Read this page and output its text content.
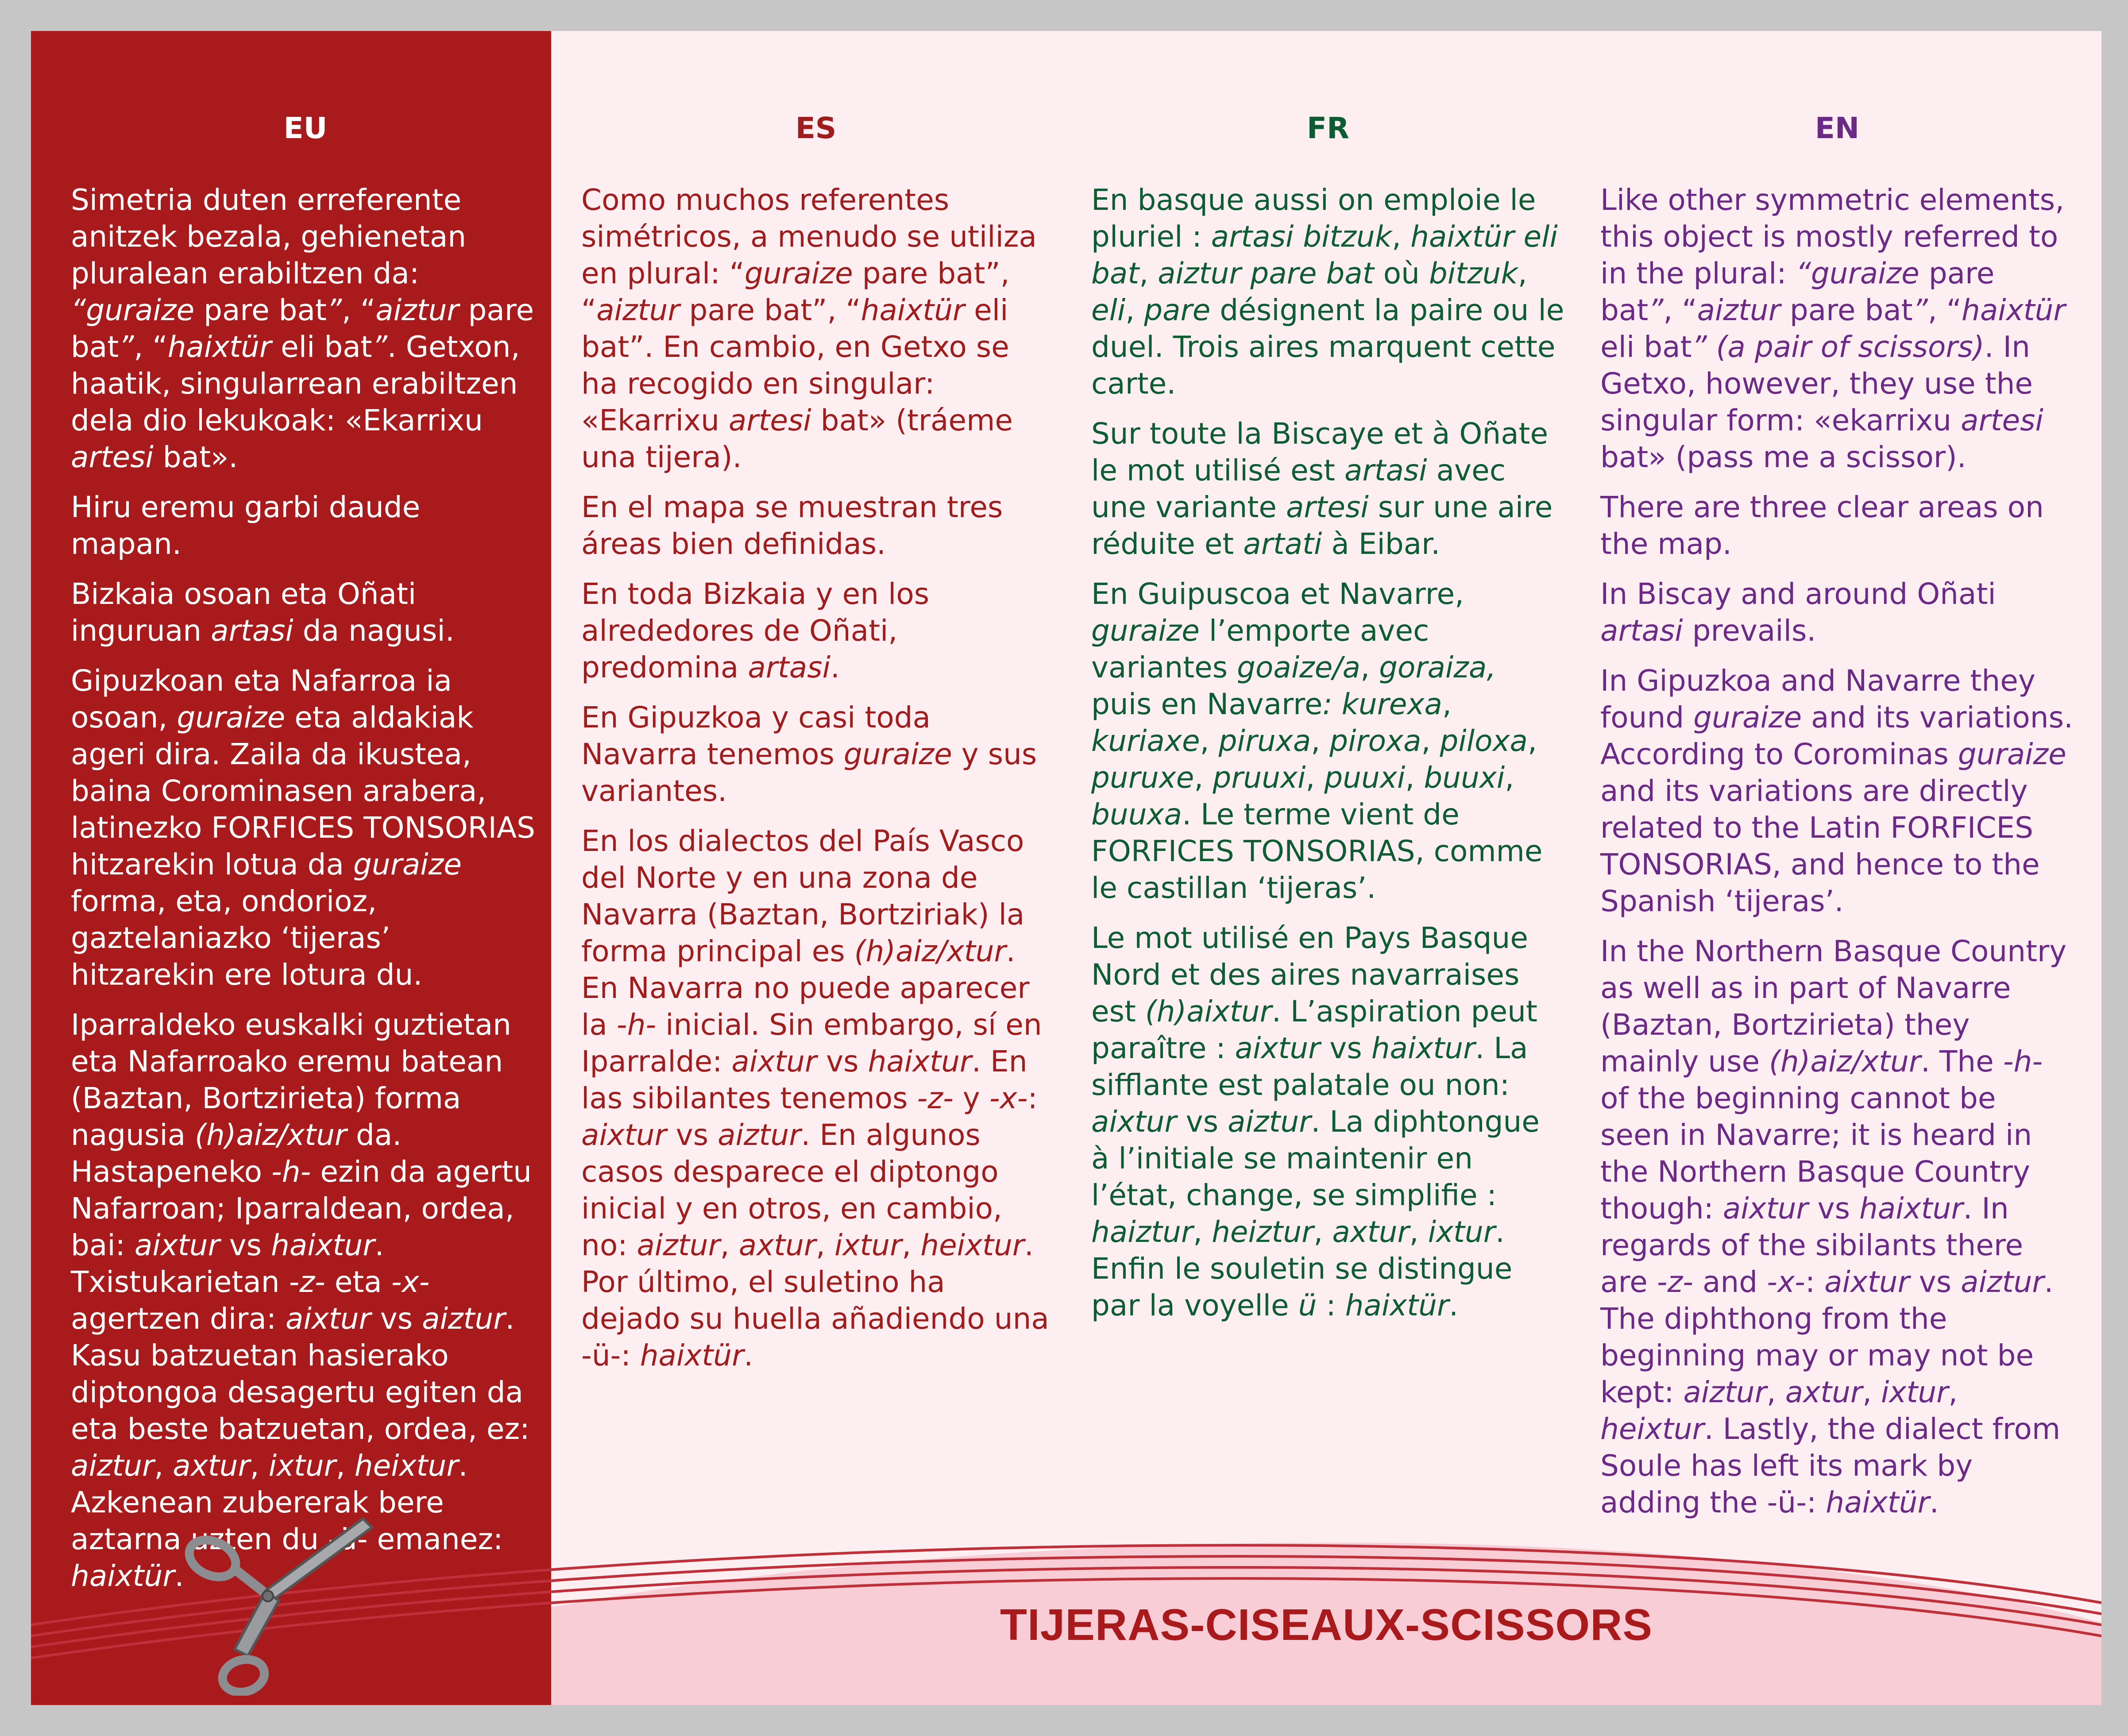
EU

Simetria duten erreferente anitzek bezala, gehienetan pluralean erabiltzen da: “guraize pare bat”, “aiztur pare bat”, “haixtür eli bat”. Getxon, haatik, singularrean erabiltzen dela dio lekukoak: «Ekarrixu artesi bat».

Hiru eremu garbi daude mapan.

Bizkaia osoan eta Oñati inguruan artasi da nagusi.

Gipuzkoan eta Nafarroa ia osoan, guraize eta aldakiak ageri dira. Zaila da ikustea, baina Corominasen arabera, latinezko FORFICES TONSORIAS hitzarekin lotua da guraize forma, eta, ondorioz, gaztelaniazko ‘tijeras’ hitzarekin ere lotura du.

Iparraldeko euskalki guztietan eta Nafarroako eremu batean (Baztan, Bortzirieta) forma nagusia (h)aiz/xtur da. Hastapeneko -h- ezin da agertu Nafarroan; Iparraldean, ordea, bai: aixtur vs haixtur. Txistukarietan -z- eta -x- agertzen dira: aixtur vs aiztur. Kasu batzuetan hasierako diptongoa desagertu egiten da eta beste batzuetan, ordea, ez: aiztur, axtur, ixtur, heixtur. Azkenean zubererak bere aztarna uzten du -ü- emanez: haixtür.

ES

Como muchos referentes simétricos, a menudo se utiliza en plural: “guraize pare bat”, “aiztur pare bat”, “haixtür eli bat”. En cambio, en Getxo se ha recogido en singular: «Ekarrixu artesi bat» (tráeme una tijera).

En el mapa se muestran tres áreas bien definidas.

En toda Bizkaia y en los alrededores de Oñati, predomina artasi.

En Gipuzkoa y casi toda Navarra tenemos guraize y sus variantes.

En los dialectos del País Vasco del Norte y en una zona de Navarra (Baztan, Bortziriak) la forma principal es (h)aiz/xtur. En Navarra no puede aparecer la -h- inicial. Sin embargo, sí en Iparralde: aixtur vs haixtur. En las sibilantes tenemos -z- y -x-: aixtur vs aiztur. En algunos casos desparece el diptongo inicial y en otros, en cambio, no: aiztur, axtur, ixtur, heixtur. Por último, el suletino ha dejado su huella añadiendo una -ü-: haixtür.

FR

En basque aussi on emploie le pluriel : artasi bitzuk, haixtür eli bat, aiztur pare bat où bitzuk, eli, pare désignent la paire ou le duel. Trois aires marquent cette carte.

Sur toute la Biscaye et à Oñate le mot utilisé est artasi avec une variante artesi sur une aire réduite et artati à Eibar.

En Guipuscoa et Navarre, guraize l’emporte avec variantes goaize/a, goraiza, puis en Navarre: kurexa, kuriaxe, piruxa, piroxa, piloxa, puruxe, pruuxi, puuxi, buuxi, buuxa. Le terme vient de FORFICES TONSORIAS, comme le castillan ‘tijeras’.

Le mot utilisé en Pays Basque Nord et des aires navarraises est (h)aixtur. L’aspiration peut paraître : aixtur vs haixtur. La sifflante est palatale ou non: aixtur vs aiztur. La diphtongue à l’initiale se maintenir en l’état, change, se simplifie : haiztur, heiztur, axtur, ixtur. Enfin le souletin se distingue par la voyelle ü : haixtür.

EN

Like other symmetric elements, this object is mostly referred to in the plural: “guraize pare bat”, “aiztur pare bat”, “haixtür eli bat” (a pair of scissors). In Getxo, however, they use the singular form: «ekarrixu artesi bat» (pass me a scissor).

There are three clear areas on the map.

In Biscay and around Oñati artasi prevails.

In Gipuzkoa and Navarre they found guraize and its variations. According to Corominas guraize and its variations are directly related to the Latin FORFICES TONSORIAS, and hence to the Spanish ‘tijeras’.

In the Northern Basque Country as well as in part of Navarre (Baztan, Bortzirieta) they mainly use (h)aiz/xtur. The -h- of the beginning cannot be seen in Navarre; it is heard in the Northern Basque Country though: aixtur vs haixtur. In regards of the sibilants there are -z- and -x-: aixtur vs aiztur. The diphthong from the beginning may or may not be kept: aiztur, axtur, ixtur, heixtur. Lastly, the dialect from Soule has left its mark by adding the -ü-: haixtür.

TIJERAS-CISEAUX-SCISSORS
